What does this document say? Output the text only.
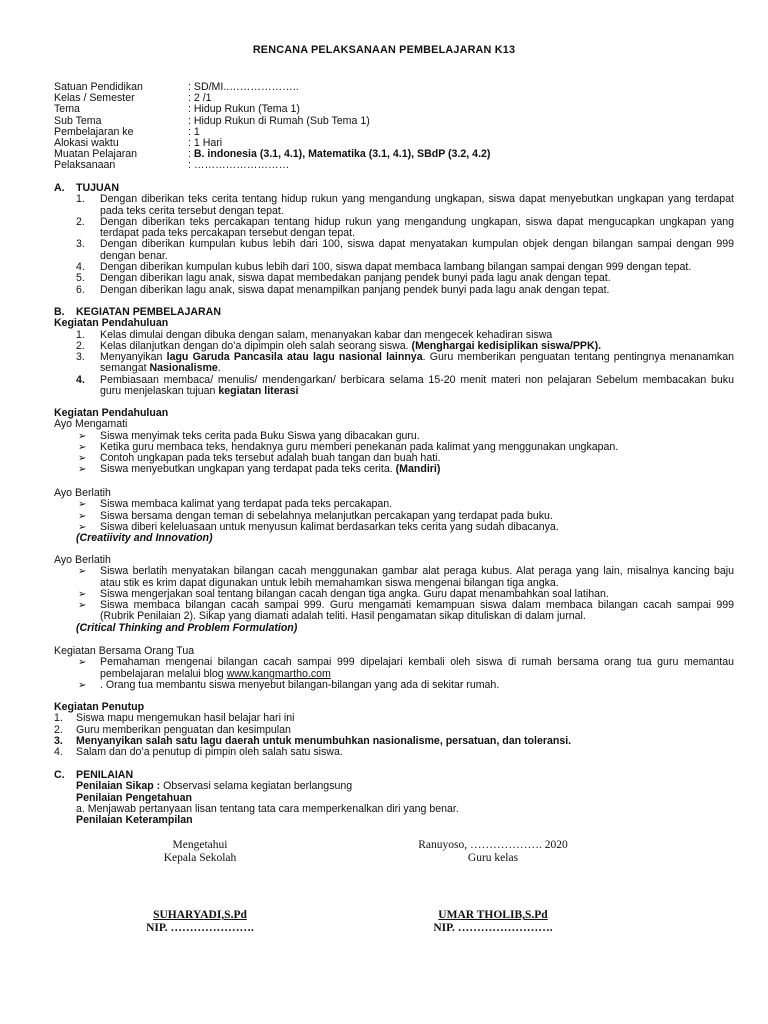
RENCANA PELAKSANAAN PEMBELAJARAN K13
Satuan Pendidikan	: SD/MI..………………..
Kelas / Semester	: 2 /1
Tema	: Hidup Rukun (Tema 1)
Sub Tema	: Hidup Rukun di Rumah (Sub Tema 1)
Pembelajaran ke	: 1
Alokasi waktu	: 1 Hari
Muatan Pelajaran	: B. indonesia (3.1, 4.1), Matematika (3.1, 4.1), SBdP (3.2, 4.2)
Pelaksanaan	: ………………………
A. TUJUAN
1. Dengan diberikan teks cerita tentang hidup rukun yang mengandung ungkapan, siswa dapat menyebutkan ungkapan yang terdapat pada teks cerita tersebut dengan tepat.
2. Dengan diberikan teks percakapan tentang hidup rukun yang mengandung ungkapan, siswa dapat mengucapkan ungkapan yang terdapat pada teks percakapan tersebut dengan tepat.
3. Dengan diberikan kumpulan kubus lebih dari 100, siswa dapat menyatakan kumpulan objek dengan bilangan sampai dengan 999 dengan benar.
4. Dengan diberikan kumpulan kubus lebih dari 100, siswa dapat membaca lambang bilangan sampai dengan 999 dengan tepat.
5. Dengan diberikan lagu anak, siswa dapat membedakan panjang pendek bunyi pada lagu anak dengan tepat.
6. Dengan diberikan lagu anak, siswa dapat menampilkan panjang pendek bunyi pada lagu anak dengan tepat.
B. KEGIATAN PEMBELAJARAN
Kegiatan Pendahuluan
1. Kelas dimulai dengan dibuka dengan salam, menanyakan kabar dan mengecek kehadiran siswa
2. Kelas dilanjutkan dengan do’a dipimpin oleh salah seorang siswa. (Menghargai kedisiplikan siswa/PPK).
3. Menyanyikan lagu Garuda Pancasila atau lagu nasional lainnya. Guru memberikan penguatan tentang pentingnya menanamkan semangat Nasionalisme.
4. Pembiasaan membaca/ menulis/ mendengarkan/ berbicara selama 15-20 menit materi non pelajaran Sebelum membacakan buku guru menjelaskan tujuan kegiatan literasi
Kegiatan Pendahuluan
Ayo Mengamati
➢ Siswa menyimak teks cerita pada Buku Siswa yang dibacakan guru.
➢ Ketika guru membaca teks, hendaknya guru memberi penekanan pada kalimat yang menggunakan ungkapan.
➢ Contoh ungkapan pada teks tersebut adalah buah tangan dan buah hati.
➢ Siswa menyebutkan ungkapan yang terdapat pada teks cerita. (Mandiri)
Ayo Berlatih
➢ Siswa membaca kalimat yang terdapat pada teks percakapan.
➢ Siswa bersama dengan teman di sebelahnya melanjutkan percakapan yang terdapat pada buku.
➢ Siswa diberi keleluasaan untuk menyusun kalimat berdasarkan teks cerita yang sudah dibacanya.
(Creatiivity and Innovation)
Ayo Berlatih
➢ Siswa berlatih menyatakan bilangan cacah menggunakan gambar alat peraga kubus. Alat peraga yang lain, misalnya kancing baju atau stik es krim dapat digunakan untuk lebih memahamkan siswa mengenai bilangan tiga angka.
➢ Siswa mengerjakan soal tentang bilangan cacah dengan tiga angka. Guru dapat menambahkan soal latihan.
➢ Siswa membaca bilangan cacah sampai 999. Guru mengamati kemampuan siswa dalam membaca bilangan cacah sampai 999 (Rubrik Penilaian 2). Sikap yang diamati adalah teliti. Hasil pengamatan sikap dituliskan di dalam jurnal.
(Critical Thinking and Problem Formulation)
Kegiatan Bersama Orang Tua
➢ Pemahaman mengenai bilangan cacah sampai 999 dipelajari kembali oleh siswa di rumah bersama orang tua guru memantau pembelajaran melalui blog www.kangmartho.com
➢ . Orang tua membantu siswa menyebut bilangan-bilangan yang ada di sekitar rumah.
Kegiatan Penutup
1. Siswa mapu mengemukan hasil belajar hari ini
2. Guru memberikan penguatan dan kesimpulan
3. Menyanyikan salah satu lagu daerah untuk menumbuhkan nasionalisme, persatuan, dan toleransi.
4. Salam dan do’a penutup di pimpin oleh salah satu siswa.
C. PENILAIAN
Penilaian Sikap : Observasi selama kegiatan berlangsung
Penilaian Pengetahuan
a. Menjawab pertanyaan lisan tentang tata cara memperkenalkan diri yang benar.
Penilaian Keterampilan
Mengetahui
Kepala Sekolah
SUHARYADI,S.Pd
NIP. ………………….
Ranuyoso, ………………. 2020
Guru kelas
UMAR THOLIB,S.Pd
NIP. …………………….
